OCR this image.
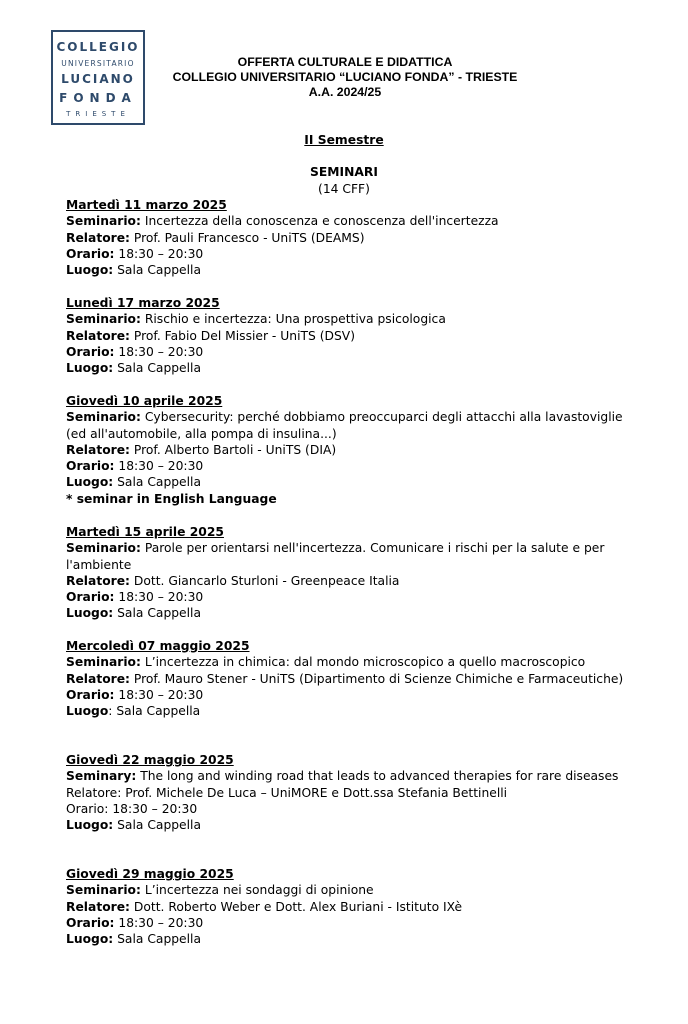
COLLEGIO
UNIVERSITARIO
LUCIANO
FONDA
TRIESTE
OFFERTA CULTURALE E DIDATTICA
COLLEGIO UNIVERSITARIO “LUCIANO FONDA” - TRIESTE
A.A. 2024/25
II Semestre
SEMINARI
(14 CFF)
Martedì 11 marzo 2025
Seminario: Incertezza della conoscenza e conoscenza dell'incertezza
Relatore: Prof. Pauli Francesco - UniTS (DEAMS)
Orario: 18:30 – 20:30
Luogo: Sala Cappella
Lunedì 17 marzo 2025
Seminario: Rischio e incertezza: Una prospettiva psicologica
Relatore: Prof. Fabio Del Missier - UniTS (DSV)
Orario: 18:30 – 20:30
Luogo: Sala Cappella
Giovedì 10 aprile 2025
Seminario: Cybersecurity: perché dobbiamo preoccuparci degli attacchi alla lavastoviglie (ed all'automobile, alla pompa di insulina...)
Relatore: Prof. Alberto Bartoli - UniTS (DIA)
Orario: 18:30 – 20:30
Luogo: Sala Cappella
* seminar in English Language
Martedì 15 aprile 2025
Seminario: Parole per orientarsi nell'incertezza. Comunicare i rischi per la salute e per l'ambiente
Relatore: Dott. Giancarlo Sturloni - Greenpeace Italia
Orario: 18:30 – 20:30
Luogo: Sala Cappella
Mercoledì 07 maggio 2025
Seminario: L’incertezza in chimica: dal mondo microscopico a quello macroscopico
Relatore: Prof. Mauro Stener - UniTS (Dipartimento di Scienze Chimiche e Farmaceutiche)
Orario: 18:30 – 20:30
Luogo: Sala Cappella
Giovedì 22 maggio 2025
Seminary: The long and winding road that leads to advanced therapies for rare diseases
Relatore: Prof. Michele De Luca – UniMORE e Dott.ssa Stefania Bettinelli
Orario: 18:30 – 20:30
Luogo: Sala Cappella
Giovedì 29 maggio 2025
Seminario: L’incertezza nei sondaggi di opinione
Relatore: Dott. Roberto Weber e Dott. Alex Buriani - Istituto IXè
Orario: 18:30 – 20:30
Luogo: Sala Cappella
